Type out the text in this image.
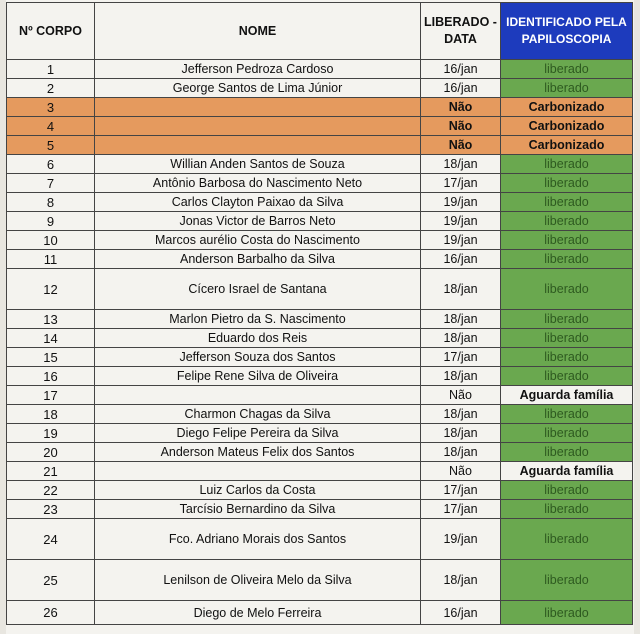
Nº CORPO	NOME	LIBERADO -
DATA	IDENTIFICADO PELA
PAPILOSCOPIA
1	Jefferson Pedroza Cardoso	16/jan	liberado
2	George Santos de Lima Júnior	16/jan	liberado
3		Não	Carbonizado
4		Não	Carbonizado
5		Não	Carbonizado
6	Willian Anden Santos de Souza	18/jan	liberado
7	Antônio Barbosa do Nascimento Neto	17/jan	liberado
8	Carlos Clayton Paixao da Silva	19/jan	liberado
9	Jonas Victor de Barros Neto	19/jan	liberado
10	Marcos aurélio Costa do Nascimento	19/jan	liberado
11	Anderson Barbalho da Silva	16/jan	liberado
12	Cícero Israel de Santana	18/jan	liberado
13	Marlon Pietro da S. Nascimento	18/jan	liberado
14	Eduardo dos Reis	18/jan	liberado
15	Jefferson Souza dos Santos	17/jan	liberado
16	Felipe Rene Silva de Oliveira	18/jan	liberado
17		Não	Aguarda família
18	Charmon Chagas da Silva	18/jan	liberado
19	Diego Felipe Pereira da Silva	18/jan	liberado
20	Anderson Mateus Felix dos Santos	18/jan	liberado
21		Não	Aguarda família
22	Luiz Carlos da Costa	17/jan	liberado
23	Tarcísio Bernardino da Silva	17/jan	liberado
24	Fco. Adriano Morais dos Santos	19/jan	liberado
25	Lenilson de Oliveira Melo da Silva	18/jan	liberado
26	Diego de Melo Ferreira	16/jan	liberado
